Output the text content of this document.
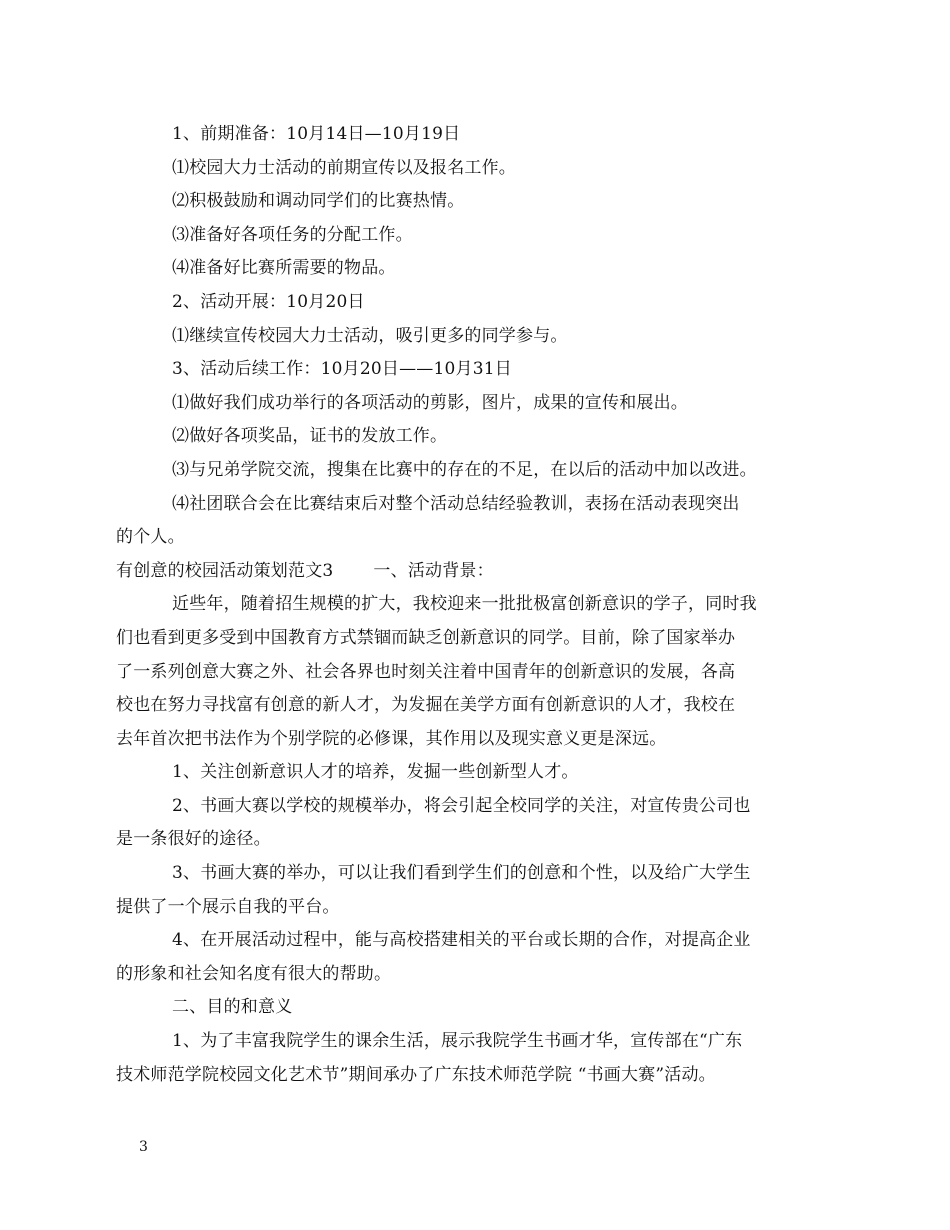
1、前期准备：10月14日—10月19日
⑴校园大力士活动的前期宣传以及报名工作。
⑵积极鼓励和调动同学们的比赛热情。
⑶准备好各项任务的分配工作。
⑷准备好比赛所需要的物品。
2、活动开展：10月20日
⑴继续宣传校园大力士活动，吸引更多的同学参与。
3、活动后续工作：10月20日——10月31日
⑴做好我们成功举行的各项活动的剪影，图片，成果的宣传和展出。
⑵做好各项奖品，证书的发放工作。
⑶与兄弟学院交流，搜集在比赛中的存在的不足，在以后的活动中加以改进。
⑷社团联合会在比赛结束后对整个活动总结经验教训，表扬在活动表现突出
的个人。
有创意的校园活动策划范文3 一、活动背景：
近些年，随着招生规模的扩大，我校迎来一批批极富创新意识的学子，同时我
们也看到更多受到中国教育方式禁锢而缺乏创新意识的同学。目前，除了国家举办
了一系列创意大赛之外、社会各界也时刻关注着中国青年的创新意识的发展，各高
校也在努力寻找富有创意的新人才，为发掘在美学方面有创新意识的人才，我校在
去年首次把书法作为个别学院的必修课，其作用以及现实意义更是深远。
1、关注创新意识人才的培养，发掘一些创新型人才。
2、书画大赛以学校的规模举办，将会引起全校同学的关注，对宣传贵公司也
是一条很好的途径。
3、书画大赛的举办，可以让我们看到学生们的创意和个性，以及给广大学生
提供了一个展示自我的平台。
4、在开展活动过程中，能与高校搭建相关的平台或长期的合作，对提高企业
的形象和社会知名度有很大的帮助。
二、目的和意义
1、为了丰富我院学生的课余生活，展示我院学生书画才华，宣传部在“广东
技术师范学院校园文化艺术节”期间承办了广东技术师范学院 “书画大赛”活动。
3
